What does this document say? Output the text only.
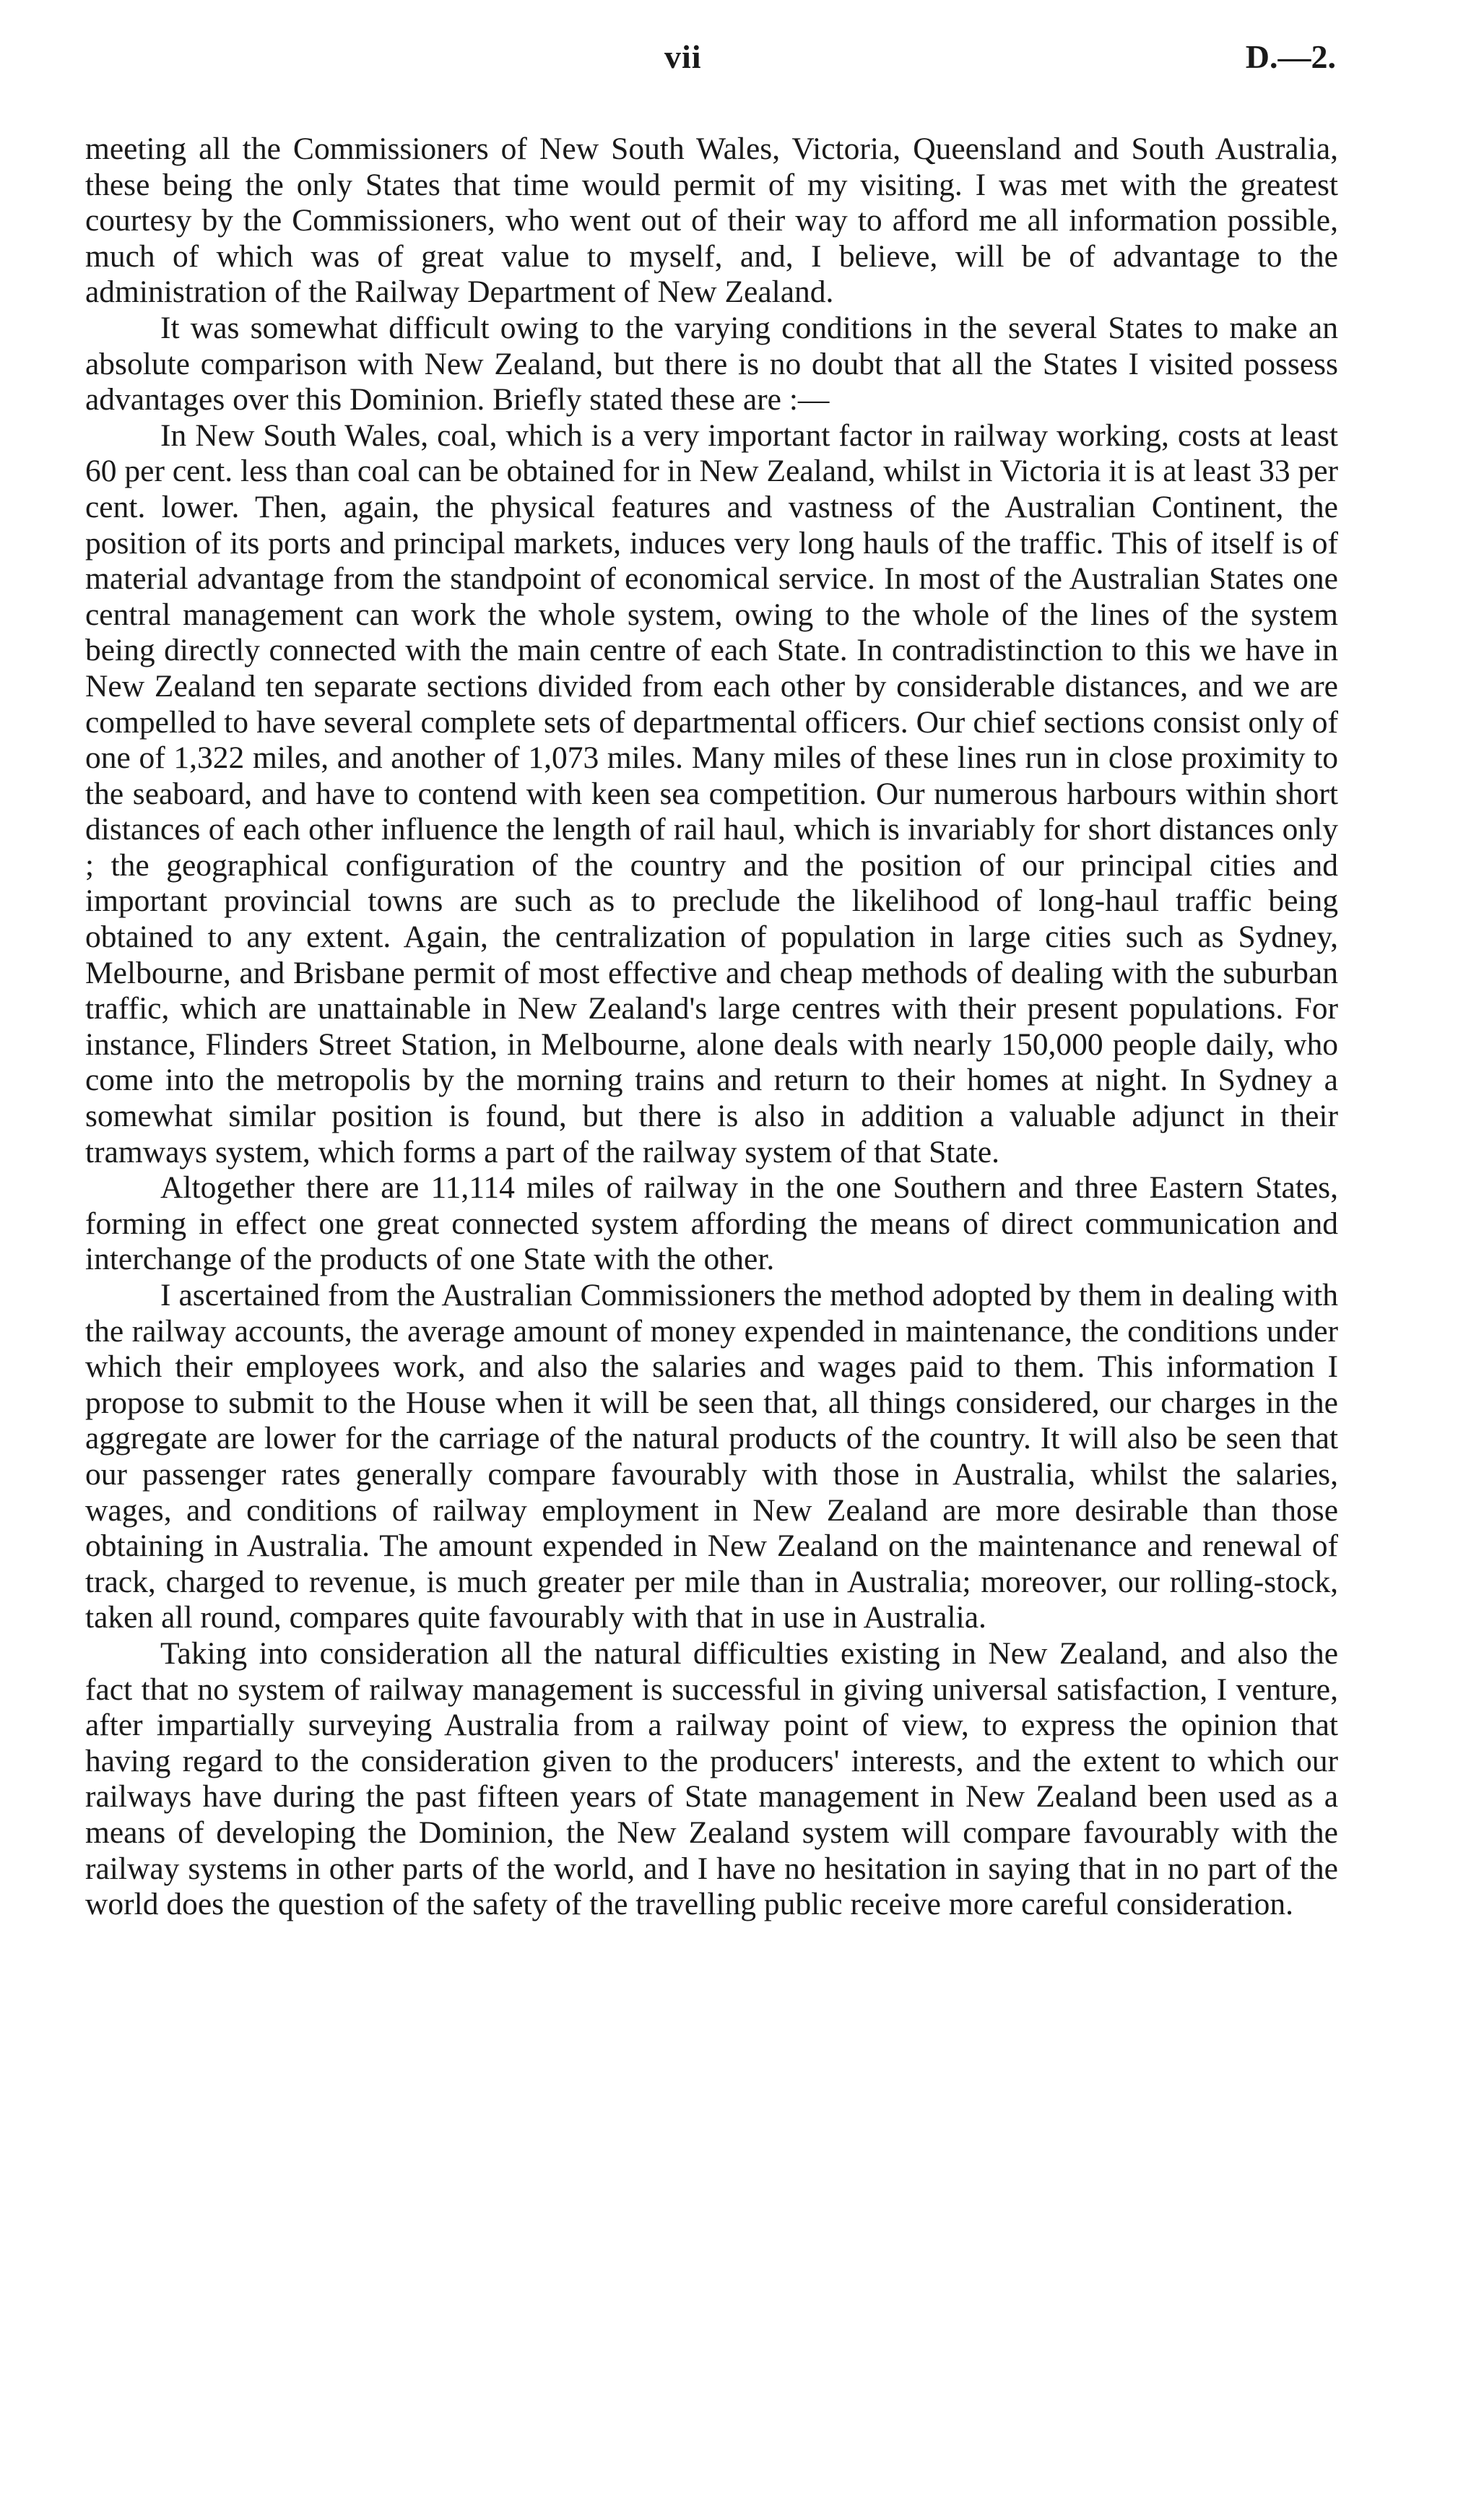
vii	D.—2.

meeting all the Commissioners of New South Wales, Victoria, Queensland and South Australia, these being the only States that time would permit of my visiting. I was met with the greatest courtesy by the Commissioners, who went out of their way to afford me all information possible, much of which was of great value to myself, and, I believe, will be of advantage to the administration of the Railway Department of New Zealand.

It was somewhat difficult owing to the varying conditions in the several States to make an absolute comparison with New Zealand, but there is no doubt that all the States I visited possess advantages over this Dominion. Briefly stated these are :—

In New South Wales, coal, which is a very important factor in railway working, costs at least 60 per cent. less than coal can be obtained for in New Zealand, whilst in Victoria it is at least 33 per cent. lower. Then, again, the physical features and vastness of the Australian Continent, the position of its ports and principal markets, induces very long hauls of the traffic. This of itself is of material advantage from the standpoint of economical service. In most of the Australian States one central management can work the whole system, owing to the whole of the lines of the system being directly connected with the main centre of each State. In contradistinction to this we have in New Zealand ten separate sections divided from each other by considerable distances, and we are compelled to have several complete sets of departmental officers. Our chief sections consist only of one of 1,322 miles, and another of 1,073 miles. Many miles of these lines run in close proximity to the seaboard, and have to contend with keen sea competition. Our numerous harbours within short distances of each other influence the length of rail haul, which is invariably for short distances only ; the geographical configuration of the country and the position of our principal cities and important provincial towns are such as to preclude the likelihood of long-haul traffic being obtained to any extent. Again, the centralization of population in large cities such as Sydney, Melbourne, and Brisbane permit of most effective and cheap methods of dealing with the suburban traffic, which are unattainable in New Zealand's large centres with their present populations. For instance, Flinders Street Station, in Melbourne, alone deals with nearly 150,000 people daily, who come into the metropolis by the morning trains and return to their homes at night. In Sydney a somewhat similar position is found, but there is also in addition a valuable adjunct in their tramways system, which forms a part of the railway system of that State.

Altogether there are 11,114 miles of railway in the one Southern and three Eastern States, forming in effect one great connected system affording the means of direct communication and interchange of the products of one State with the other.

I ascertained from the Australian Commissioners the method adopted by them in dealing with the railway accounts, the average amount of money expended in maintenance, the conditions under which their employees work, and also the salaries and wages paid to them. This information I propose to submit to the House when it will be seen that, all things considered, our charges in the aggregate are lower for the carriage of the natural products of the country. It will also be seen that our passenger rates generally compare favourably with those in Australia, whilst the salaries, wages, and conditions of railway employment in New Zealand are more desirable than those obtaining in Australia. The amount expended in New Zealand on the maintenance and renewal of track, charged to revenue, is much greater per mile than in Australia; moreover, our rolling-stock, taken all round, compares quite favourably with that in use in Australia.

Taking into consideration all the natural difficulties existing in New Zealand, and also the fact that no system of railway management is successful in giving universal satisfaction, I venture, after impartially surveying Australia from a railway point of view, to express the opinion that having regard to the consideration given to the producers' interests, and the extent to which our railways have during the past fifteen years of State management in New Zealand been used as a means of developing the Dominion, the New Zealand system will compare favourably with the railway systems in other parts of the world, and I have no hesitation in saying that in no part of the world does the question of the safety of the travelling public receive more careful consideration.
